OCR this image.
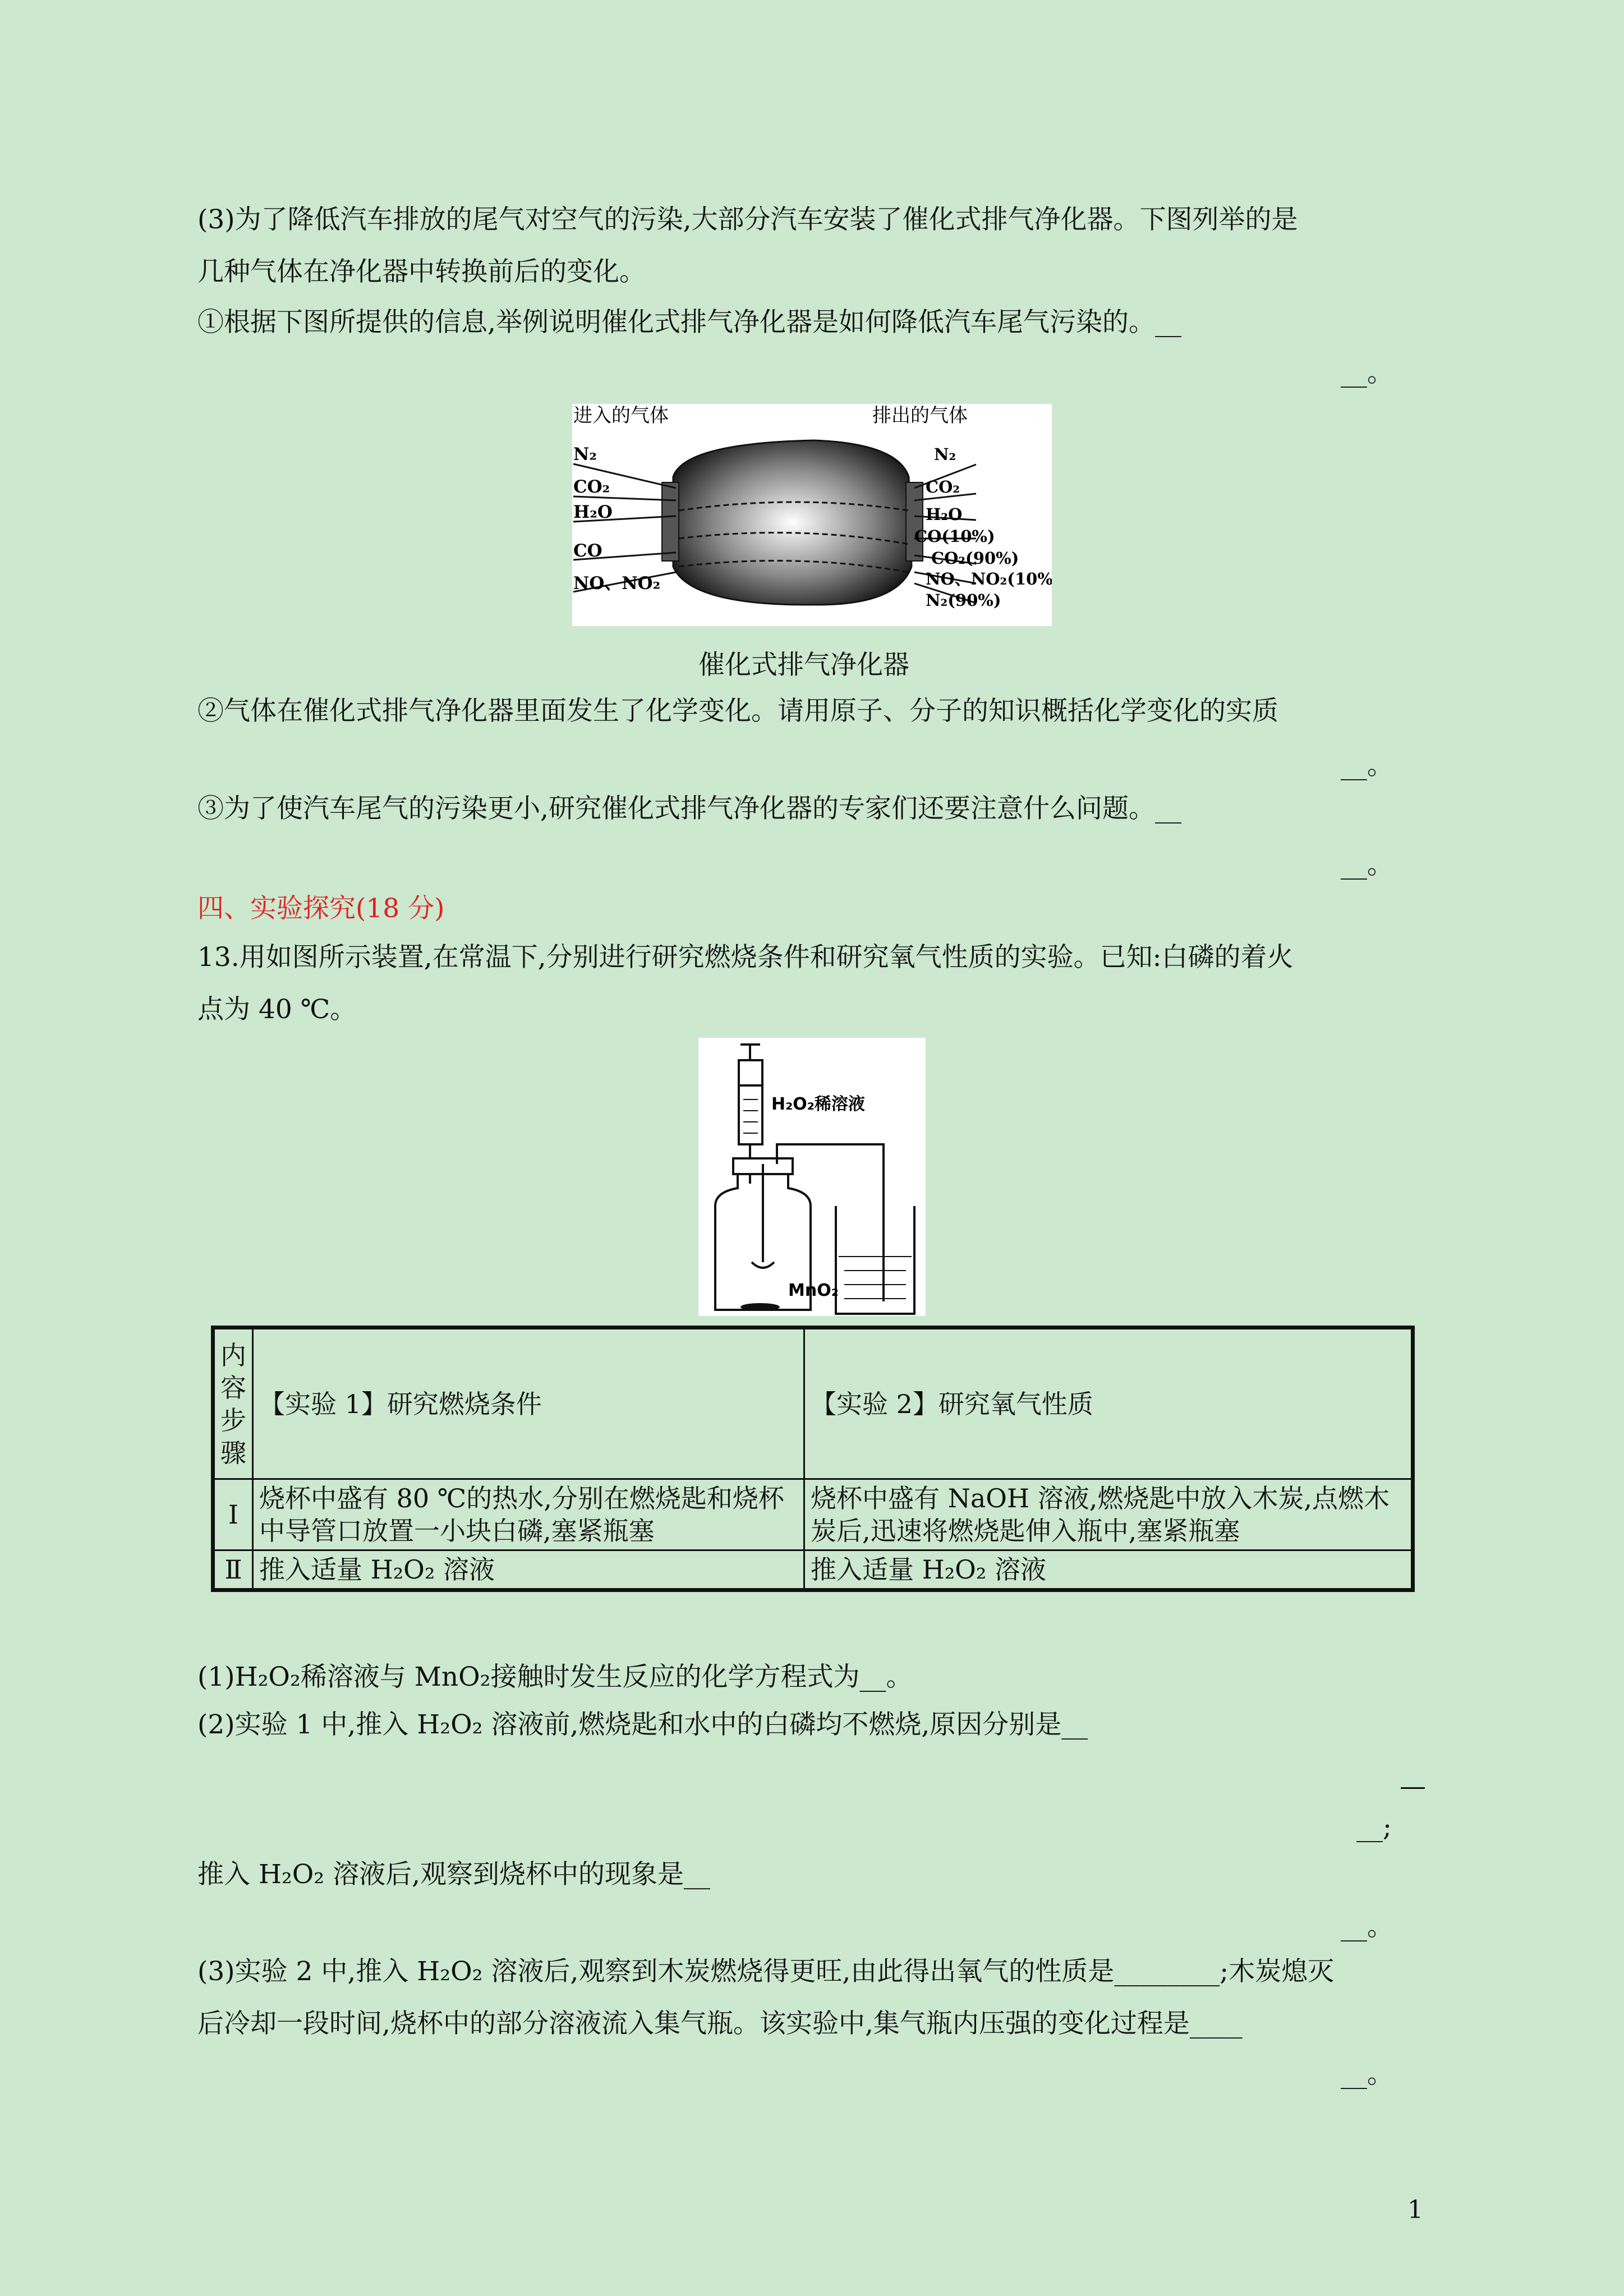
(3)为了降低汽车排放的尾气对空气的污染,大部分汽车安装了催化式排气净化器。下图列举的是
几种气体在净化器中转换前后的变化。
①根据下图所提供的信息,举例说明催化式排气净化器是如何降低汽车尾气污染的。__
__。
进入的气体	排出的气体
N₂
CO₂
H₂O
CO
NO、NO₂
N₂
CO₂
H₂O
CO(10%)
CO₂(90%)
NO、NO₂(10%)
N₂(90%)
催化式排气净化器
②气体在催化式排气净化器里面发生了化学变化。请用原子、分子的知识概括化学变化的实质
__。
③为了使汽车尾气的污染更小,研究催化式排气净化器的专家们还要注意什么问题。__
__。
四、实验探究(18 分)
13.用如图所示装置,在常温下,分别进行研究燃烧条件和研究氧气性质的实验。已知:白磷的着火
点为 40 ℃。
H₂O₂稀溶液
MnO₂
内容步骤	【实验 1】研究燃烧条件	【实验 2】研究氧气性质
Ⅰ	烧杯中盛有 80 ℃的热水,分别在燃烧匙和烧杯中导管口放置一小块白磷,塞紧瓶塞	烧杯中盛有 NaOH 溶液,燃烧匙中放入木炭,点燃木炭后,迅速将燃烧匙伸入瓶中,塞紧瓶塞
Ⅱ	推入适量 H₂O₂ 溶液	推入适量 H₂O₂ 溶液
(1)H₂O₂稀溶液与 MnO₂接触时发生反应的化学方程式为__。
(2)实验 1 中,推入 H₂O₂ 溶液前,燃烧匙和水中的白磷均不燃烧,原因分别是__
—
__;
推入 H₂O₂ 溶液后,观察到烧杯中的现象是__
__。
(3)实验 2 中,推入 H₂O₂ 溶液后,观察到木炭燃烧得更旺,由此得出氧气的性质是________;木炭熄灭
后冷却一段时间,烧杯中的部分溶液流入集气瓶。该实验中,集气瓶内压强的变化过程是____
__。
1
